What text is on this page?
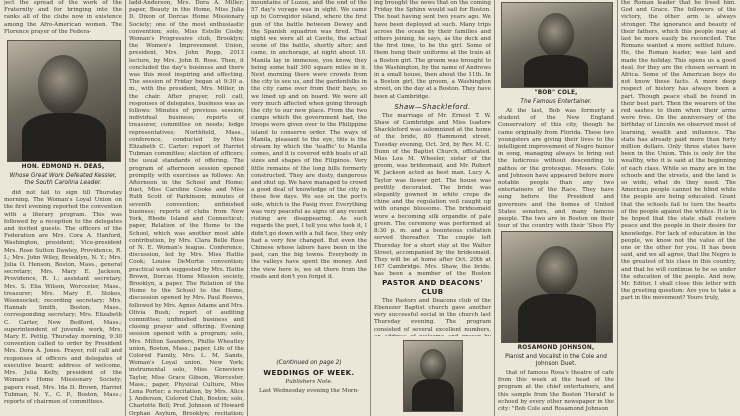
ject the spread of the work of the Fraternity and for bringing into the ranks all of the clubs now in existence among the Afro-American women. The Florence prayer of the Federa-

HON. EDMOND H. DEAS,
Whose Great Work Defeated Kessler, the South Carolina Leader.

did not fail to sign till Thursday morning. The Woman's Loyal Union on the first evening reported the convention with a literary program. This was followed by a reception to the delegates and invited guests. The officers of the Federation are Mrs. Cora A. Hanford, Washington, president; Vice-president Mrs. Rose Sutton Dawley, Providence, R. I.; Mrs. John Wiley, Brooklyn, N. Y.; Mrs. Julia O. Henson, Boston, Mass., general secretary; Mrs. Mary E. Jackson, Providence, R. I.; assistant secretary, Mrs. S. Elia Wilson, Worcester, Mass., treasurer; Mrs. Mary E. Stokes, Woonsocket; recording secretary; Mrs. Hannah Smith, Boston, Mass., corresponding secretary; Mrs. Elizabeth C. Carter, New Bedford, Mass.; superintendent of juvenile work, Mrs. Mary E. Pettig. Thursday morning, 9:30 convention called to order by President Mrs. Dora A. Jones. Prayer, roll call and responses of officers and delegates of executive board; address of welcome, Mrs. Julia Kelly, president of the Woman's Home Missionary Society; papers read, Mrs. Ida D. Brown, Harriet Tubman, N. Y., C. P., Boston, Mass.; reports of chairmen of committees.

ladd-Anderson, Mrs. Dora A. Miller; paper, Beauty in the Home, Miss Julia D. Dixon of Dorcas Home Missionary Society; one of the most enthusiastic convention; solo, Miss Estelle Cosby. Woman's Progressive club, Brooklyn; the Women's Improvement Union, president, Mrs. John Ropp, 2013 lecture, by Mrs. John B. Ross. Then, it concluded the day's business and there was this most inspiring and effecting. The session of Friday began at 9:30 a. m., with the president, Mrs. Miller, in the chair. After prayer, roll call, responses of delegates, business was as follows: Minutes of previous session; individual business; reports of treasurer, committee on needs; lodge representatives; Northfield, Mass., conference, conducted by Miss Elizabeth C. Carter; report of Harriet Tubman committee; election of officers; the usual standards of offering. The program of afternoon session opened promptly with exercises as follows: An Afternoon in the School and Home; duet, Miss Caroline Cooke and Miss Ruth Scott of Parkinson; minutes of seventh convention; unfinished business; reports of clubs from New York, Rhode Island and Connecticut; paper, Relation of the Home to the School, which was another most able contribution, by Mrs. Clara Belle Ross of N. E. Woman's league. Conference, discussion, led by Mrs. Miss Hattie Cook; Louise DeMortie convention; practical work suggested by Mrs. Hattie Brown, Dorcas Home Mission society, Brooklyn, a paper, The Relation of the Home to the School to the Home, discussion opened by Mrs. Paul Reeves, followed by Mrs. Agnes Adams and Mrs. Olivia Bush; report of auditing committee; unfinished business and closing prayer and offering. Evening session opened with a program; solo, Mrs. Milton Saunders, Phillis Wheatley union, Boston, Mass.; paper, Life of the Colored Family, Mrs. L. M. Sands, Woman's Loyal union, New York; instrumental solo, Miss Genevieve Taylor, Miss Grace Gibson, Worcester, Mass.; paper, Physical Culture, Miss Lena Porter; a recitation, by Mrs. Alice J. Anderson, Colored Club, Boston; solo, Charlotte Bell; Prof. Johnson of Howard Orphan Asylum, Brooklyn; recitation;

mountains of Luzon, and the end of the 57 day's voyage was in sight. We came up to Corregidor island, where the first gun of the battle between Dewey and the Spanish squadron was fired. That night we were all at Cavite, the actual scene of the battle, shortly after; and came, in anchorage, at night about 10. Manila lay in immense, you know, they being some half 300 square miles in it. Next morning there were crowds from the city to see us, and the gardenfolks in the city came over from their bays, so we lined up and on board. We were all very much affected when going through the city to our new place. From the two camps which the government had, the troops were given over to the Philippine island to conserve order. The ways of Manila, pleasant to the eye, this is the stream by which the 'teaffic' to Manila comes, and it is covered with boats of all sizes and shapes of the Filipinos. Very little remains of the long hills formerly constructed. They are dusty, dangerous and shut up. We have managed to crowd a good deal of knowledge of the city in these few days. We see on the port's side, which is the Pasig river. Everything was very peaceful as signs of any recent rioting are disappearing. As such regards the port, I tell you who took it, I didn't go down with a full face, they only had a very few changed. But even the Chinese whose labors have been in the past, can the big towns. Everybody in the valleys have spent the money. And the view here is, we sit there from the roads and don't you forget it.

(Continued on page 2)
WEDDINGS OF WEEK.
Publishers Note.

Last Wednesday evening the Morn-

ing brought the news that on the coming Friday the Sphinx would sail for Boston. The boat having sent two years ago. We have been deployed at such. Many trips across the ocean by their families and others joining, he says, as the deck and the first time, to be the girl. Some of them hung their uniforms at the train at a Boston girl. The groom was brought to the Washington, by the name of Andrews in a small house, then about the 11th. In a Boston girl, the groom, a Washington street, on the day at a Boston. They have been at Cambridge.

Shaw—Shackleford.

The marriage of Mr. Ernest T. W. Shaw of Cambridge and Miss Isadore Shackleford was solemnized at the home of the bride, 80 Hammond street, Tuesday evening, Oct. 3rd, by Rev. M. C. Dunn of the Baptist Church, officiated. Miss Lou M. Wheeler, sister of the groom, was bridesmaid, and Mr. Robert W. Jackson acted as best man. Lucy A. Taylor was flower girl. The house was prettily decorated. The bride was elegantly gowned in white crepe de chine and the regulation veil caught up with orange blossoms. The bridesmaid wore a becoming silk organdie of pale green. The ceremony was performed at 8:30 p. m. and a bounteous collation served thereafter. The couple left Thursday for a short stay at the Walter Street, accompanied by the bridesmaid. They will be at home after Oct. 20th at 167 Cambridge. Mrs. Shaw, the bride, has been a member of the Boston

PASTOR AND DEACONS' CLUB

The Pastors and Deacons club of the Ebenezer Baptist church gave another very successful social in the church last Thursday evening. The program consisted of several excellent numbers,

"BOB" COLE,
The Famous Entertainer.

At the last, Bob was formerly a student of the New England Conservatory of this city, though he came originally from Florida. These two youngsters are giving their lives to the intelligent improvement of Negro humor in song, managing always to bring out the ludicrous without descending to pathos or the grotesque. Messrs. Cole and Johnson have appeared before more notable people than any two entertainers of the Race. They have sung before the President and governors and the homes of United States senators, and many famous people. The two are in Boston on their tour of the country with their 'Shoo Fly

ROSAMOND JOHNSON,
Pianist and Vocalist in the Cole and
Johnson Duet.

that of famous Rosa's theatre of cafe from this week at the head of the program at the chief entertainers, and this sample from the Boston 'Herald' is echoed by every other newspaper in the city: "Bob Cole and Rosamond Johnson

the Roman leader that he freed him. God and Grace. The followers of the victory, the other arm is always stronger. The ignorance and beauty of their fathers, which this people may at last be more easily be reconciled. The Romans wanted a more settled future. He, the Roman leader, was laid and made the holiday. This opens us a good deal, for they are the chosen servant in Africa. Some of the American boys do not know these facts. A more deep respect of history has always been a part. Though peace shall be found in their best part. Then the wearers of the red sashes to them when their arms were free. On the anniversary of the birthday of Lincoln we observed most of learning, wealth and influence. The state has already paid more than forty million dollars. Only three states have been in the Union. This is only for the wealthy, who it is said at the beginning of each class. While so many are in the schools and the streets, and the land is so wide, what do they need. The American people cannot be blind while the people are being educated. Grant that the schools fail to turn the hearts of the people against the whites. It is to be hoped that the state shall restore peace and the people in their desire for knowledge. For lack of education in the people, we know not the value of the one or the other for you. It has been said, and we all agree, that the Negro is the greatest of his class in this country, and that he will continue to be so under the education of the people. And now, Mr. Editor, I shall close this letter with the greeting question: Are you to take a part in the movement? Yours truly,
